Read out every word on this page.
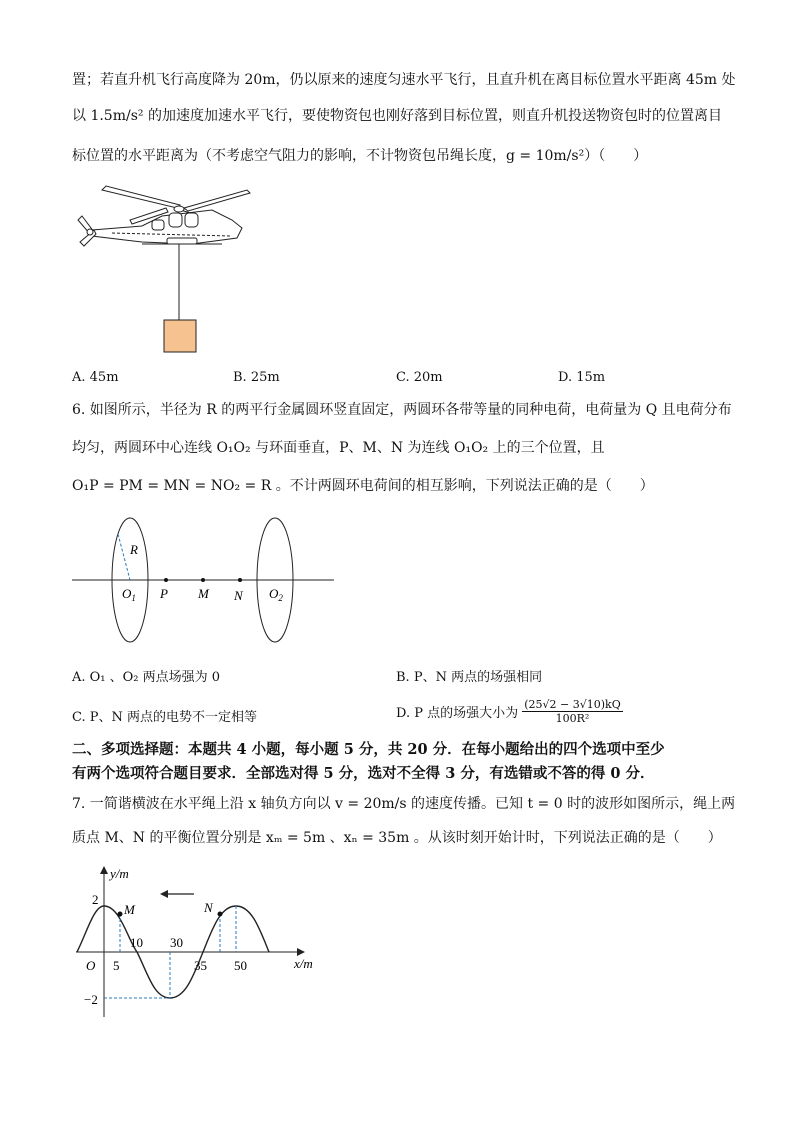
置；若直升机飞行高度降为 20m，仍以原来的速度匀速水平飞行，且直升机在离目标位置水平距离 45m 处
以 1.5m/s² 的加速度加速水平飞行，要使物资包也刚好落到目标位置，则直升机投送物资包时的位置离目
标位置的水平距离为（不考虑空气阻力的影响，不计物资包吊绳长度，g = 10m/s²）（　　）
A. 45m	B. 25m	C. 20m	D. 15m
6. 如图所示，半径为 R 的两平行金属圆环竖直固定，两圆环各带等量的同种电荷，电荷量为 Q 且电荷分布
均匀，两圆环中心连线 O₁O₂ 与环面垂直，P、M、N 为连线 O₁O₂ 上的三个位置，且
O₁P = PM = MN = NO₂ = R 。不计两圆环电荷间的相互影响，下列说法正确的是（　　）
R
$O_1$ P M N $O_2$
A. O₁ 、O₂ 两点场强为 0	B. P、N 两点的场强相同
C. P、N 两点的电势不一定相等	D. P 点的场强大小为 $\frac{(25√2 - 3√10)kQ}{\text{100R²}}$
二、多项选择题：本题共 4 小题，每小题 5 分，共 20 分．在每小题给出的四个选项中至少
有两个选项符合题目要求．全部选对得 5 分，选对不全得 3 分，有选错或不答的得 0 分．
7. 一简谐横波在水平绳上沿 x 轴负方向以 v = 20m/s 的速度传播。已知 t = 0 时的波形如图所示，绳上两
质点 M、N 的平衡位置分别是 xₘ = 5m 、xₙ = 35m 。从该时刻开始计时，下列说法正确的是（　　）
y/m
x/m
O
2
−2
5
10 30
35 50
M	N
